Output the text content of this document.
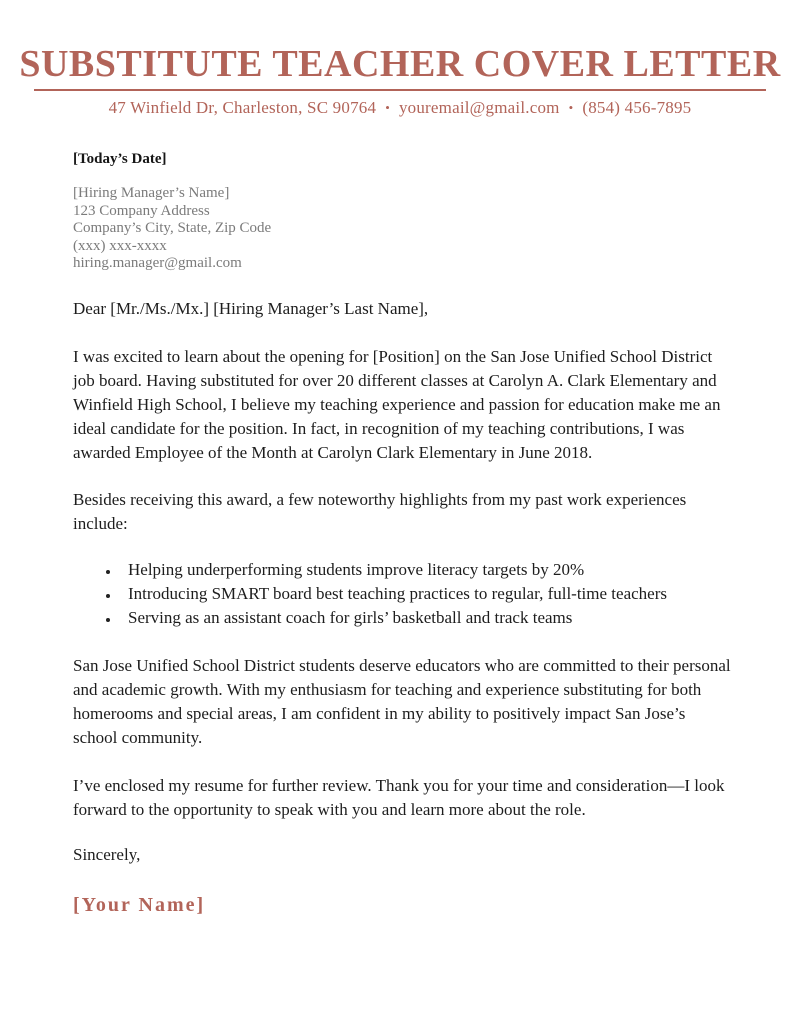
SUBSTITUTE TEACHER COVER LETTER
47 Winfield Dr, Charleston, SC 90764 • youremail@gmail.com • (854) 456-7895
[Today’s Date]
[Hiring Manager’s Name]
123 Company Address
Company’s City, State, Zip Code
(xxx) xxx-xxxx
hiring.manager@gmail.com
Dear [Mr./Ms./Mx.] [Hiring Manager’s Last Name],
I was excited to learn about the opening for [Position] on the San Jose Unified School District job board. Having substituted for over 20 different classes at Carolyn A. Clark Elementary and Winfield High School, I believe my teaching experience and passion for education make me an ideal candidate for the position. In fact, in recognition of my teaching contributions, I was awarded Employee of the Month at Carolyn Clark Elementary in June 2018.
Besides receiving this award, a few noteworthy highlights from my past work experiences include:
• Helping underperforming students improve literacy targets by 20%
• Introducing SMART board best teaching practices to regular, full-time teachers
• Serving as an assistant coach for girls’ basketball and track teams
San Jose Unified School District students deserve educators who are committed to their personal and academic growth. With my enthusiasm for teaching and experience substituting for both homerooms and special areas, I am confident in my ability to positively impact San Jose’s school community.
I’ve enclosed my resume for further review. Thank you for your time and consideration—I look forward to the opportunity to speak with you and learn more about the role.
Sincerely,
[Your Name]
